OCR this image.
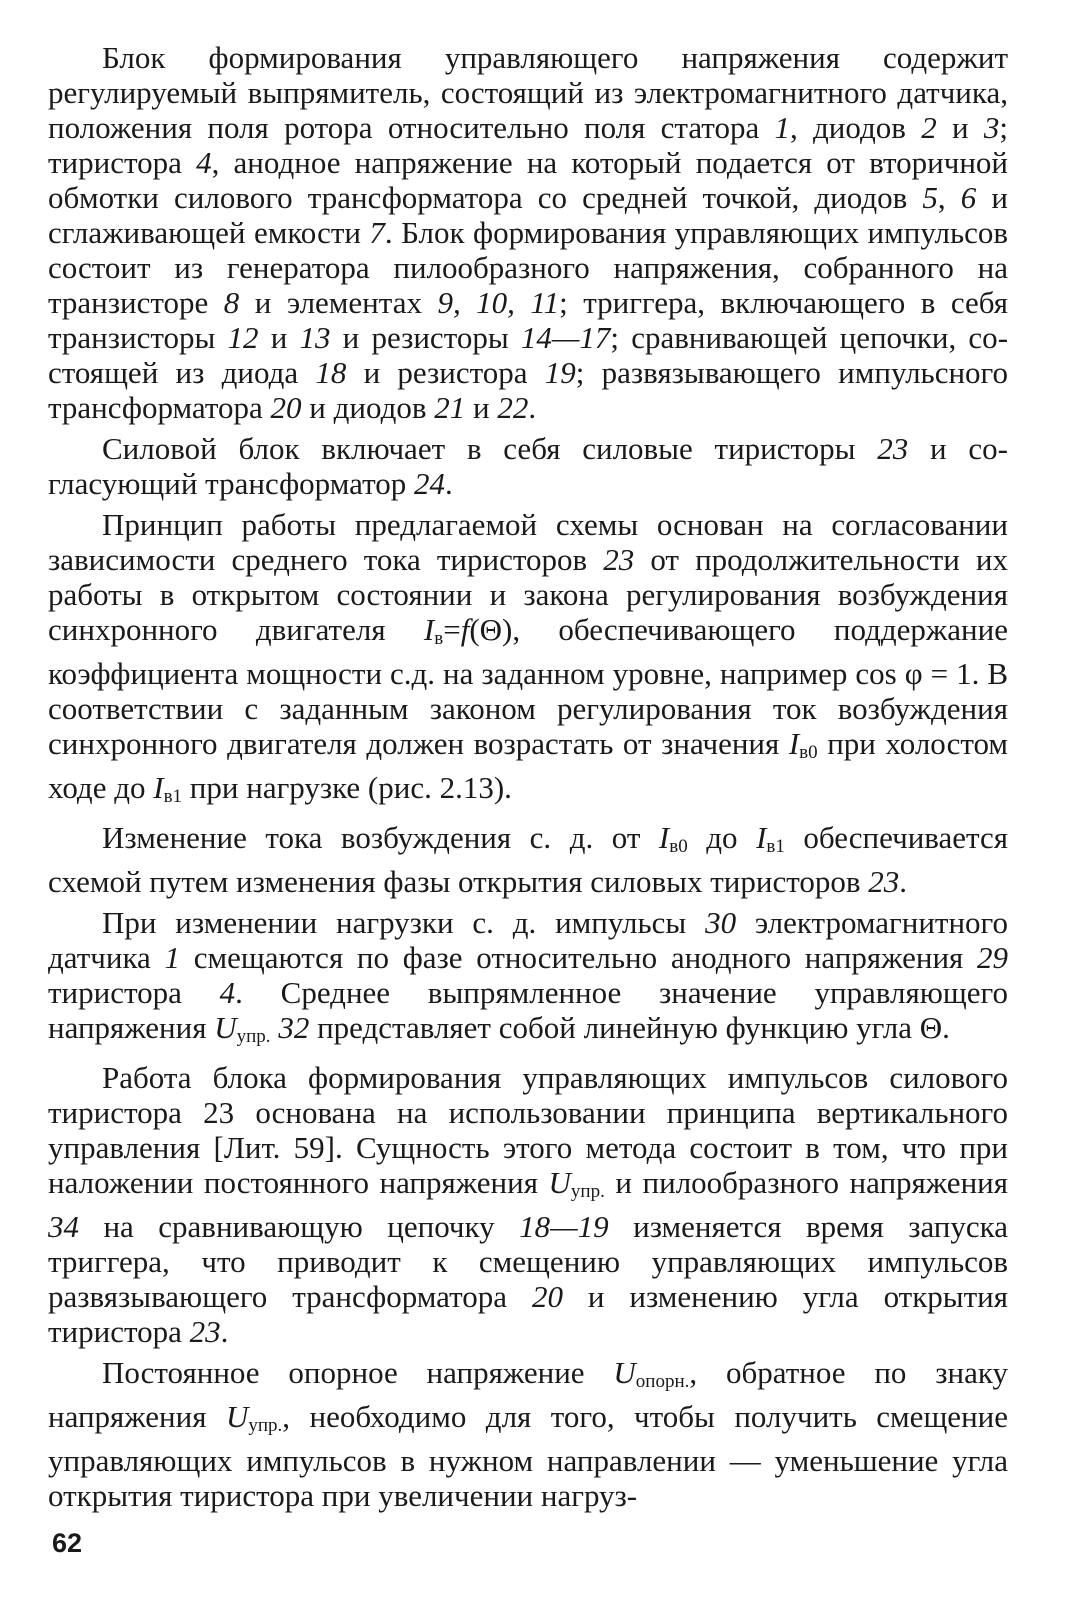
Блок формирования управляющего напряжения содержит регулируемый выпрямитель, состоящий из электромагнитного датчика, положения поля ротора относительно поля статора 1, диодов 2 и 3; тиристора 4, анодное напряжение на который подается от вторичной обмотки силового трансформатора со средней точкой, диодов 5, 6 и сглаживающей емкости 7. Блок формирования управляющих импульсов состоит из генератора пилообразного напряжения, собранного на транзисторе 8 и элементах 9, 10, 11; триггера, включающего в себя транзисторы 12 и 13 и резисторы 14—17; сравнивающей цепочки, состоящей из диода 18 и резистора 19; развязывающего импульсного трансформатора 20 и диодов 21 и 22.

Силовой блок включает в себя силовые тиристоры 23 и согласующий трансформатор 24.

Принцип работы предлагаемой схемы основан на согласовании зависимости среднего тока тиристоров 23 от продолжительности их работы в открытом состоянии и закона регулирования возбуждения синхронного двигателя $I_в=f(\Theta)$, обеспечивающего поддержание коэффициента мощности с.д. на заданном уровне, например cos φ = 1. В соответствии с заданным законом регулирования ток возбуждения синхронного двигателя должен возрастать от значения $I_{в0}$ при холостом ходе до $I_{в1}$ при нагрузке (рис. 2.13).

Изменение тока возбуждения с. д. от $I_{в0}$ до $I_{в1}$ обеспечивается схемой путем изменения фазы открытия силовых тиристоров 23.

При изменении нагрузки с. д. импульсы 30 электромагнитного датчика 1 смещаются по фазе относительно анодного напряжения 29 тиристора 4. Среднее выпрямленное значение управляющего напряжения $U_{упр.}$ 32 представляет собой линейную функцию угла Θ.

Работа блока формирования управляющих импульсов силового тиристора 23 основана на использовании принципа вертикального управления [Лит. 59]. Сущность этого метода состоит в том, что при наложении постоянного напряжения $U_{упр.}$ и пилообразного напряжения 34 на сравнивающую цепочку 18—19 изменяется время запуска триггера, что приводит к смещению управляющих импульсов развязывающего трансформатора 20 и изменению угла открытия тиристора 23.

Постоянное опорное напряжение $U_{опорн.}$, обратное по знаку напряжения $U_{упр.}$, необходимо для того, чтобы получить смещение управляющих импульсов в нужном направлении — уменьшение угла открытия тиристора при увеличении нагруз-

62
